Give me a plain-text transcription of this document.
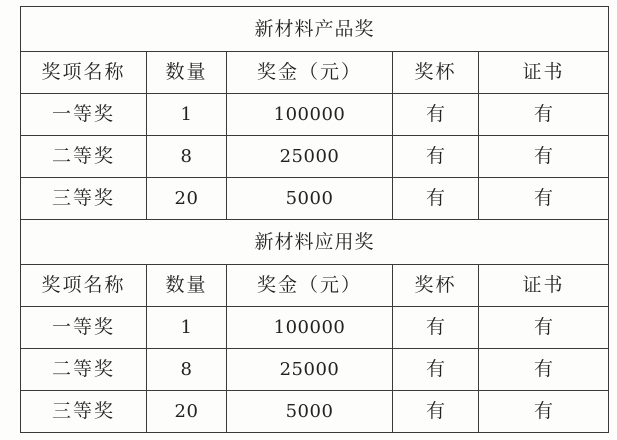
新材料产品奖				
奖项名称	数量	奖金（元）	奖杯	证书
一等奖	1	100000	有	有
二等奖	8	25000	有	有
三等奖	20	5000	有	有
新材料应用奖				
奖项名称	数量	奖金（元）	奖杯	证书
一等奖	1	100000	有	有
二等奖	8	25000	有	有
三等奖	20	5000	有	有
